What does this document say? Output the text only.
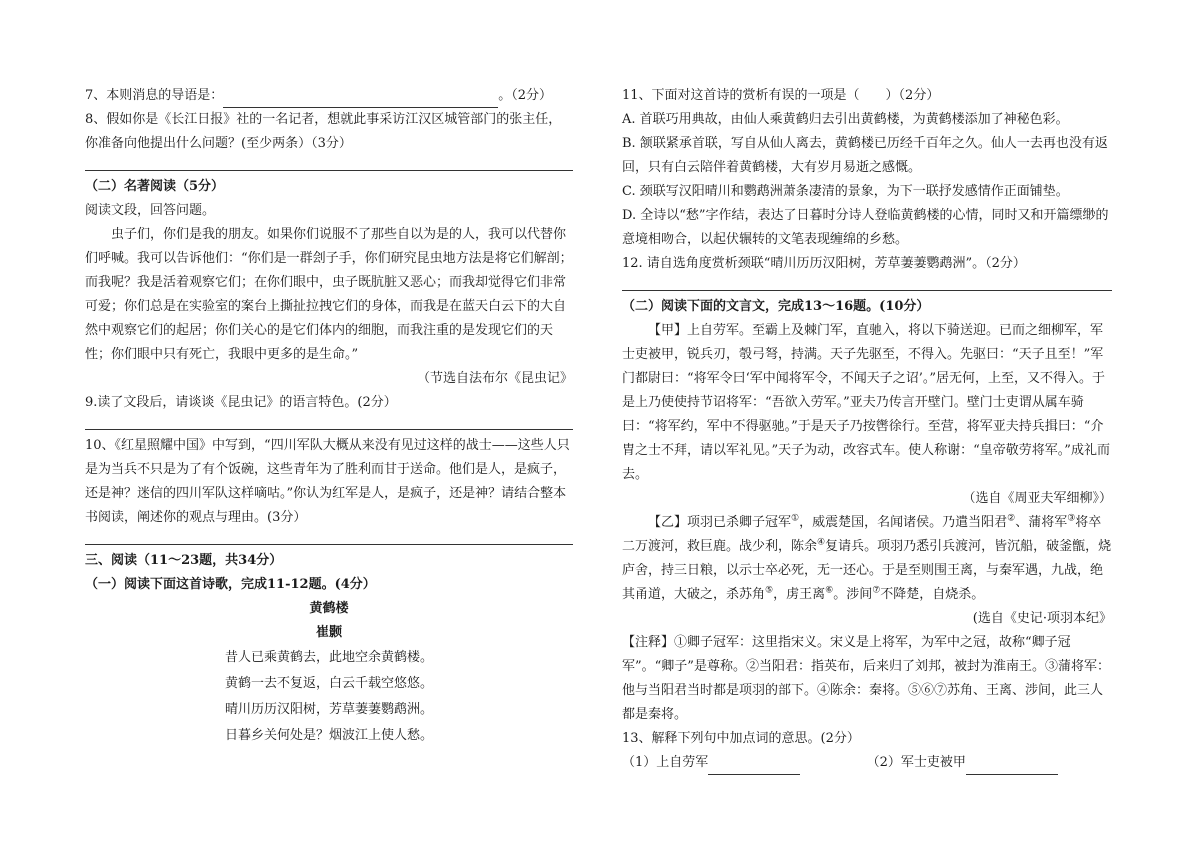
7、本则消息的导语是：	。（2分）

8、假如你是《长江日报》社的一名记者，想就此事采访江汉区城管部门的张主任，你准备向他提出什么问题？(至少两条）（3分）

（二）名著阅读（5分）

阅读文段，回答问题。

虫子们，你们是我的朋友。如果你们说服不了那些自以为是的人，我可以代替你们呼喊。我可以告诉他们：“你们是一群刽子手，你们研究昆虫地方法是将它们解剖；而我呢？我是活着观察它们；在你们眼中，虫子既肮脏又恶心；而我却觉得它们非常可爱；你们总是在实验室的案台上撕扯拉拽它们的身体，而我是在蓝天白云下的大自然中观察它们的起居；你们关心的是它们体内的细胞，而我注重的是发现它们的天性；你们眼中只有死亡，我眼中更多的是生命。”

（节选自法布尔《昆虫记》

9.读了文段后，请谈谈《昆虫记》的语言特色。(2分）

10、《红星照耀中国》中写到，“四川军队大概从来没有见过这样的战士——这些人只是为当兵不只是为了有个饭碗，这些青年为了胜利而甘于送命。他们是人，是疯子，还是神？迷信的四川军队这样嘀咕。”你认为红军是人，是疯子，还是神？请结合整本书阅读，阐述你的观点与理由。(3分）

三、阅读（11～23题，共34分）

（一）阅读下面这首诗歌，完成11-12题。(4分）

黄鹤楼

崔颢

昔人已乘黄鹤去，此地空余黄鹤楼。

黄鹤一去不复返，白云千载空悠悠。

晴川历历汉阳树，芳草萋萋鹦鹉洲。

日暮乡关何处是？烟波江上使人愁。

11、下面对这首诗的赏析有误的一项是（　　）（2分）

A. 首联巧用典故，由仙人乘黄鹤归去引出黄鹤楼，为黄鹤楼添加了神秘色彩。

B. 颔联紧承首联，写自从仙人离去，黄鹤楼已历经千百年之久。仙人一去再也没有返回，只有白云陪伴着黄鹤楼，大有岁月易逝之感慨。

C. 颈联写汉阳晴川和鹦鹉洲萧条凄清的景象，为下一联抒发感情作正面铺垫。

D. 全诗以“愁”字作结，表达了日暮时分诗人登临黄鹤楼的心情，同时又和开篇缥缈的意境相吻合，以起伏辗转的文笔表现缠绵的乡愁。

12. 请自选角度赏析颈联“晴川历历汉阳树，芳草萋萋鹦鹉洲”。（2分）

（二）阅读下面的文言文，完成13～16题。(10分）

【甲】上自劳军。至霸上及棘门军，直驰入，将以下骑送迎。已而之细柳军，军士吏被甲，锐兵刃，彀弓弩，持满。天子先驱至，不得入。先驱曰：“天子且至！”军门都尉曰：“将军令曰‘军中闻将军令，不闻天子之诏’。”居无何，上至，又不得入。于是上乃使使持节诏将军：“吾欲入劳军。”亚夫乃传言开壁门。壁门士吏谓从属车骑曰：“将军约，军中不得驱驰。”于是天子乃按辔徐行。至营，将军亚夫持兵揖曰：“介胄之士不拜，请以军礼见。”天子为动，改容式车。使人称谢：“皇帝敬劳将军。”成礼而去。

（选自《周亚夫军细柳》）

【乙】项羽已杀卿子冠军①，威震楚国，名闻诸侯。乃遣当阳君②、蒲将军③将卒二万渡河，救巨鹿。战少利，陈余④复请兵。项羽乃悉引兵渡河，皆沉船，破釜甑，烧庐舍，持三日粮，以示士卒必死，无一还心。于是至则围王离，与秦军遇，九战，绝其甬道，大破之，杀苏角⑤，虏王离⑥。涉间⑦不降楚，自烧杀。

(选自《史记·项羽本纪》

【注释】①卿子冠军：这里指宋义。宋义是上将军，为军中之冠，故称“卿子冠军”。“卿子”是尊称。②当阳君：指英布，后来归了刘邦，被封为淮南王。③蒲将军：他与当阳君当时都是项羽的部下。④陈余：秦将。⑤⑥⑦苏角、王离、涉间，此三人都是秦将。

13、解释下列句中加点词的意思。(2分）

（1）上自劳军	（2）军士吏被甲
